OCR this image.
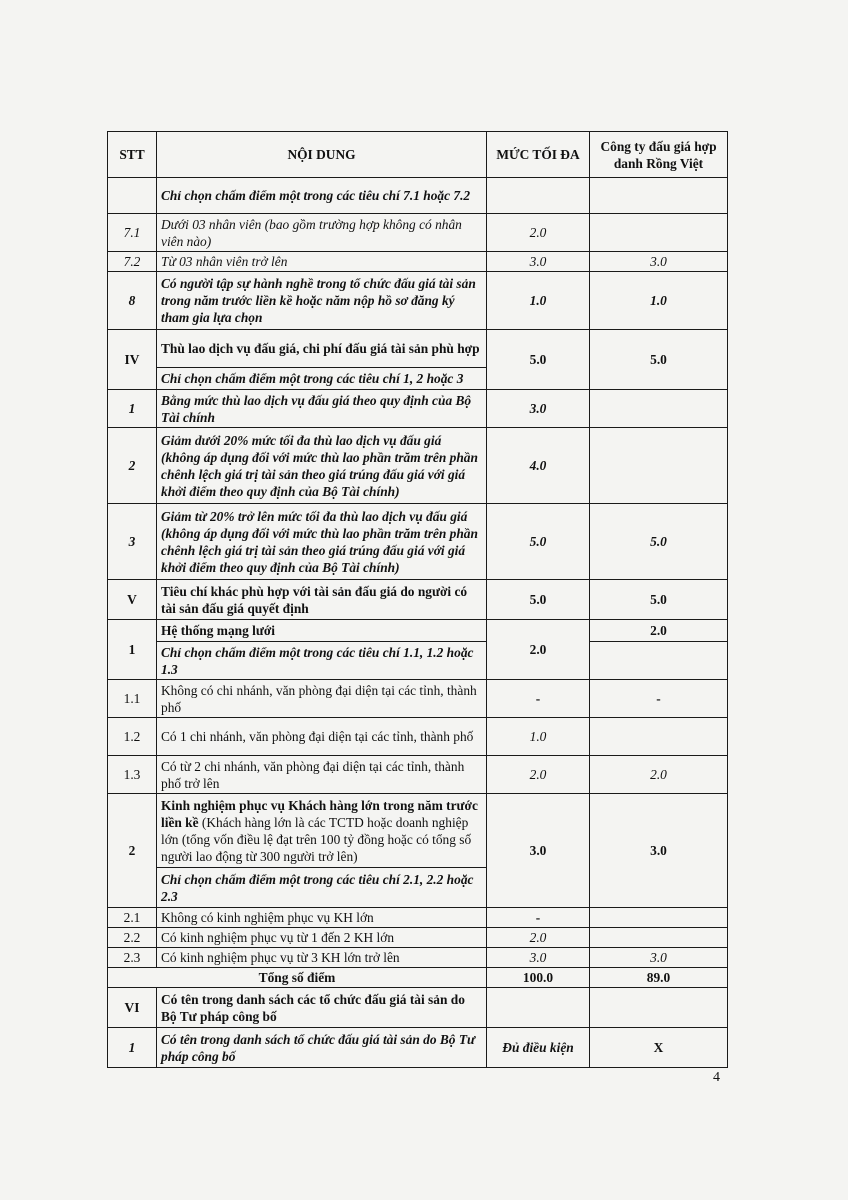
STT	NỘI DUNG	MỨC TỐI ĐA	Công ty đấu giá hợp danh Rồng Việt
	Chỉ chọn chấm điểm một trong các tiêu chí 7.1 hoặc 7.2		
7.1	Dưới 03 nhân viên (bao gồm trường hợp không có nhân viên nào)	2.0	
7.2	Từ 03 nhân viên trở lên	3.0	3.0
8	Có người tập sự hành nghề trong tổ chức đấu giá tài sản trong năm trước liền kề hoặc năm nộp hồ sơ đăng ký tham gia lựa chọn	1.0	1.0
IV	Thù lao dịch vụ đấu giá, chi phí đấu giá tài sản phù hợp	5.0	5.0
	Chỉ chọn chấm điểm một trong các tiêu chí 1, 2 hoặc 3		
1	Bằng mức thù lao dịch vụ đấu giá theo quy định của Bộ Tài chính	3.0	
2	Giảm dưới 20% mức tối đa thù lao dịch vụ đấu giá (không áp dụng đối với mức thù lao phần trăm trên phần chênh lệch giá trị tài sản theo giá trúng đấu giá với giá khởi điểm theo quy định của Bộ Tài chính)	4.0	
3	Giảm từ 20% trở lên mức tối đa thù lao dịch vụ đấu giá (không áp dụng đối với mức thù lao phần trăm trên phần chênh lệch giá trị tài sản theo giá trúng đấu giá với giá khởi điểm theo quy định của Bộ Tài chính)	5.0	5.0
V	Tiêu chí khác phù hợp với tài sản đấu giá do người có tài sản đấu giá quyết định	5.0	5.0
1	Hệ thống mạng lưới	2.0	2.0
	Chỉ chọn chấm điểm một trong các tiêu chí 1.1, 1.2 hoặc 1.3		
1.1	Không có chi nhánh, văn phòng đại diện tại các tỉnh, thành phố	-	-
1.2	Có 1 chi nhánh, văn phòng đại diện tại các tỉnh, thành phố	1.0	
1.3	Có từ 2 chi nhánh, văn phòng đại diện tại các tỉnh, thành phố trở lên	2.0	2.0
2	Kinh nghiệm phục vụ Khách hàng lớn trong năm trước liền kề (Khách hàng lớn là các TCTD hoặc doanh nghiệp lớn (tổng vốn điều lệ đạt trên 100 tỷ đồng hoặc có tổng số người lao động từ 300 người trở lên)	3.0	3.0
	Chỉ chọn chấm điểm một trong các tiêu chí 2.1, 2.2 hoặc 2.3		
2.1	Không có kinh nghiệm phục vụ KH lớn	-	
2.2	Có kinh nghiệm phục vụ từ 1 đến 2 KH lớn	2.0	
2.3	Có kinh nghiệm phục vụ từ 3 KH lớn trở lên	3.0	3.0
Tổng số điểm		100.0	89.0
VI	Có tên trong danh sách các tổ chức đấu giá tài sản do Bộ Tư pháp công bố		
1	Có tên trong danh sách tổ chức đấu giá tài sản do Bộ Tư pháp công bố	Đủ điều kiện	X
4
